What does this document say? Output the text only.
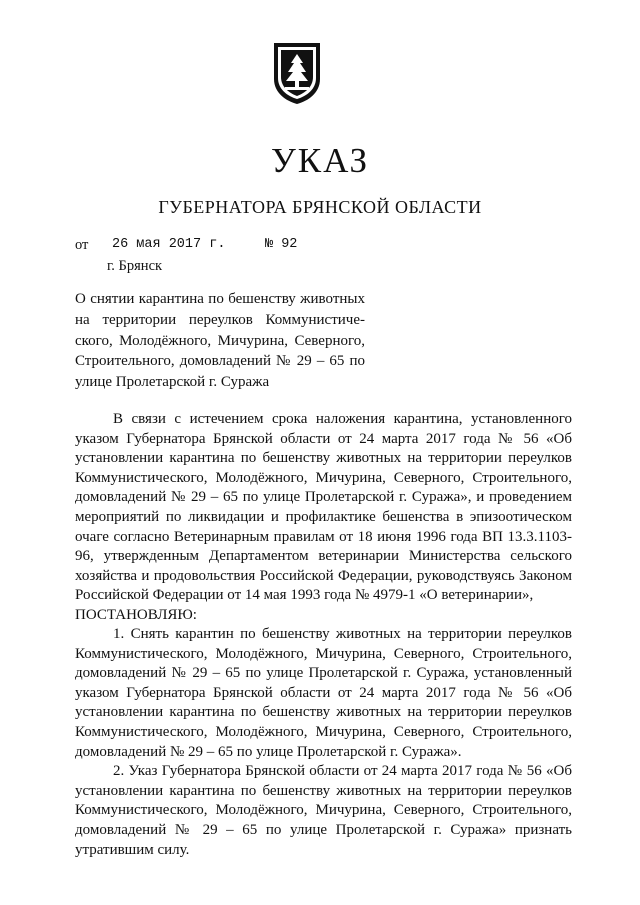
УКАЗ
ГУБЕРНАТОРА БРЯНСКОЙ ОБЛАСТИ
от 26 мая 2017 г.	№ 92
г. Брянск
О снятии карантина по бешенству животных
на территории переулков Коммунистиче-
ского, Молодёжного, Мичурина, Северного,
Строительного, домовладений № 29 – 65 по
улице Пролетарской г. Суража

В связи с истечением срока наложения карантина, установленного указом Губернатора Брянской области от 24 марта 2017 года № 56 «Об установлении карантина по бешенству животных на территории переулков Коммунистического, Молодёжного, Мичурина, Северного, Строительного, домовладений № 29 – 65 по улице Пролетарской г. Суража», и проведением мероприятий по ликвидации и профилактике бешенства в эпизоотическом очаге согласно Ветеринарным правилам от 18 июня 1996 года ВП 13.3.1103-96, утвержденным Департаментом ветеринарии Министерства сельского хозяйства и продовольствия Российской Федерации, руководствуясь Законом Российской Федерации от 14 мая 1993 года № 4979-1 «О ветеринарии»,

ПОСТАНОВЛЯЮ:

1. Снять карантин по бешенству животных на территории переулков Коммунистического, Молодёжного, Мичурина, Северного, Строительного, домовладений № 29 – 65 по улице Пролетарской г. Суража, установленный указом Губернатора Брянской области от 24 марта 2017 года № 56 «Об установлении карантина по бешенству животных на территории переулков Коммунистического, Молодёжного, Мичурина, Северного, Строительного, домовладений № 29 – 65 по улице Пролетарской г. Суража».

2. Указ Губернатора Брянской области от 24 марта 2017 года № 56 «Об установлении карантина по бешенству животных на территории переулков Коммунистического, Молодёжного, Мичурина, Северного, Строительного, домовладений № 29 – 65 по улице Пролетарской г. Суража» признать утратившим силу.
